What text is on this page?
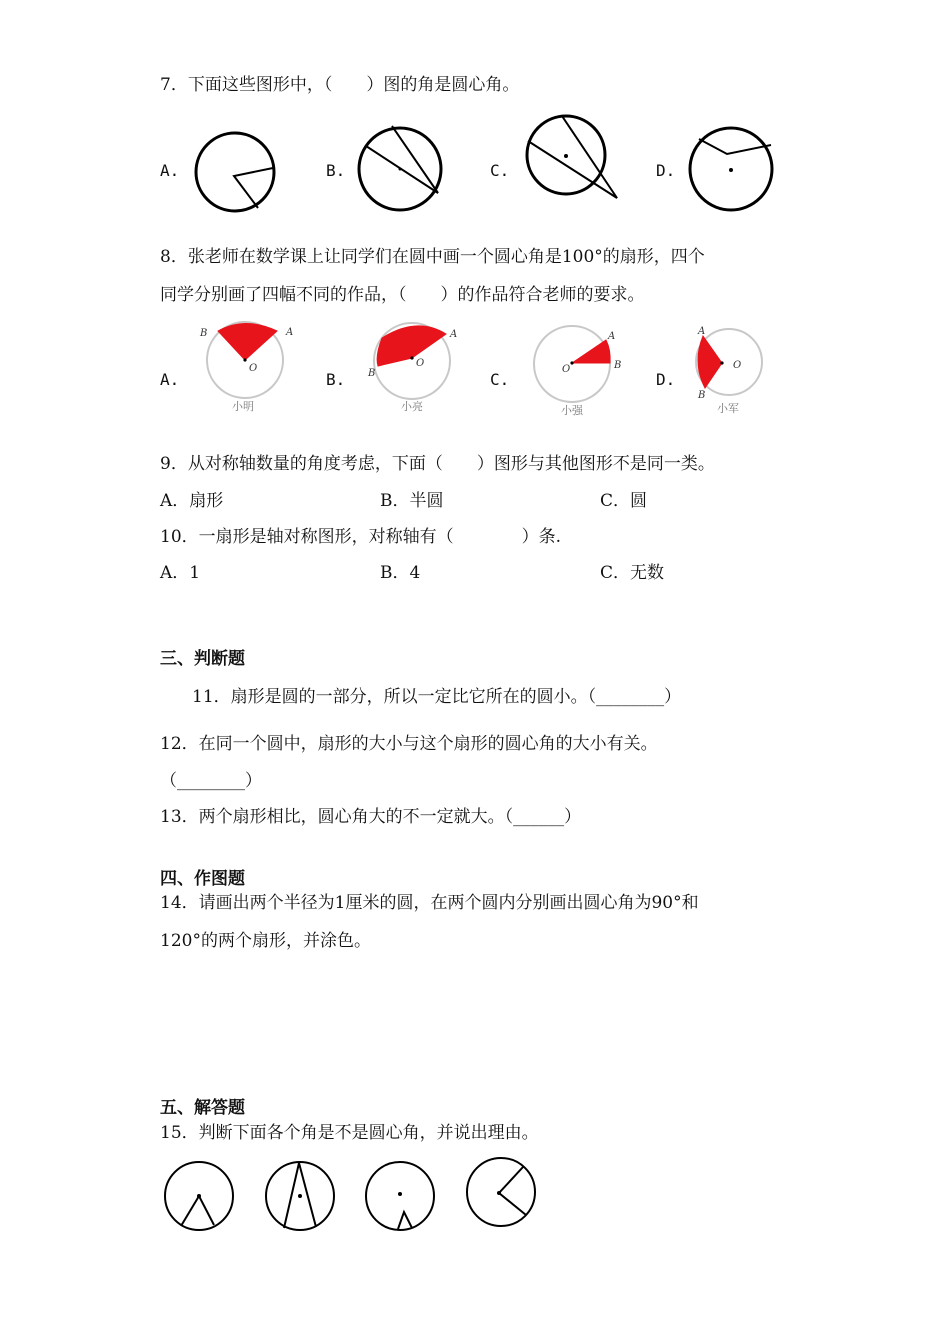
7．下面这些图形中，（　　）图的角是圆心角。
A.	B.	C.	D.
8．张老师在数学课上让同学们在圆中画一个圆心角是100°的扇形，四个
同学分别画了四幅不同的作品，（　　）的作品符合老师的要求。
A.
B	A
O
小明
B.
A
B
O
小亮
C.
A
B
O
小强
D.
A
B
O
小军
9．从对称轴数量的角度考虑，下面（　　）图形与其他图形不是同一类。
A．扇形	B．半圆	C．圆
10．一扇形是轴对称图形，对称轴有（　　　　）条.
A．1	B．4	C．无数
三、判断题
11．扇形是圆的一部分，所以一定比它所在的圆小。（________）
12．在同一个圆中，扇形的大小与这个扇形的圆心角的大小有关。
（________）
13．两个扇形相比，圆心角大的不一定就大。（______）
四、作图题
14．请画出两个半径为1厘米的圆，在两个圆内分别画出圆心角为90°和
120°的两个扇形，并涂色。
五、解答题
15．判断下面各个角是不是圆心角，并说出理由。
